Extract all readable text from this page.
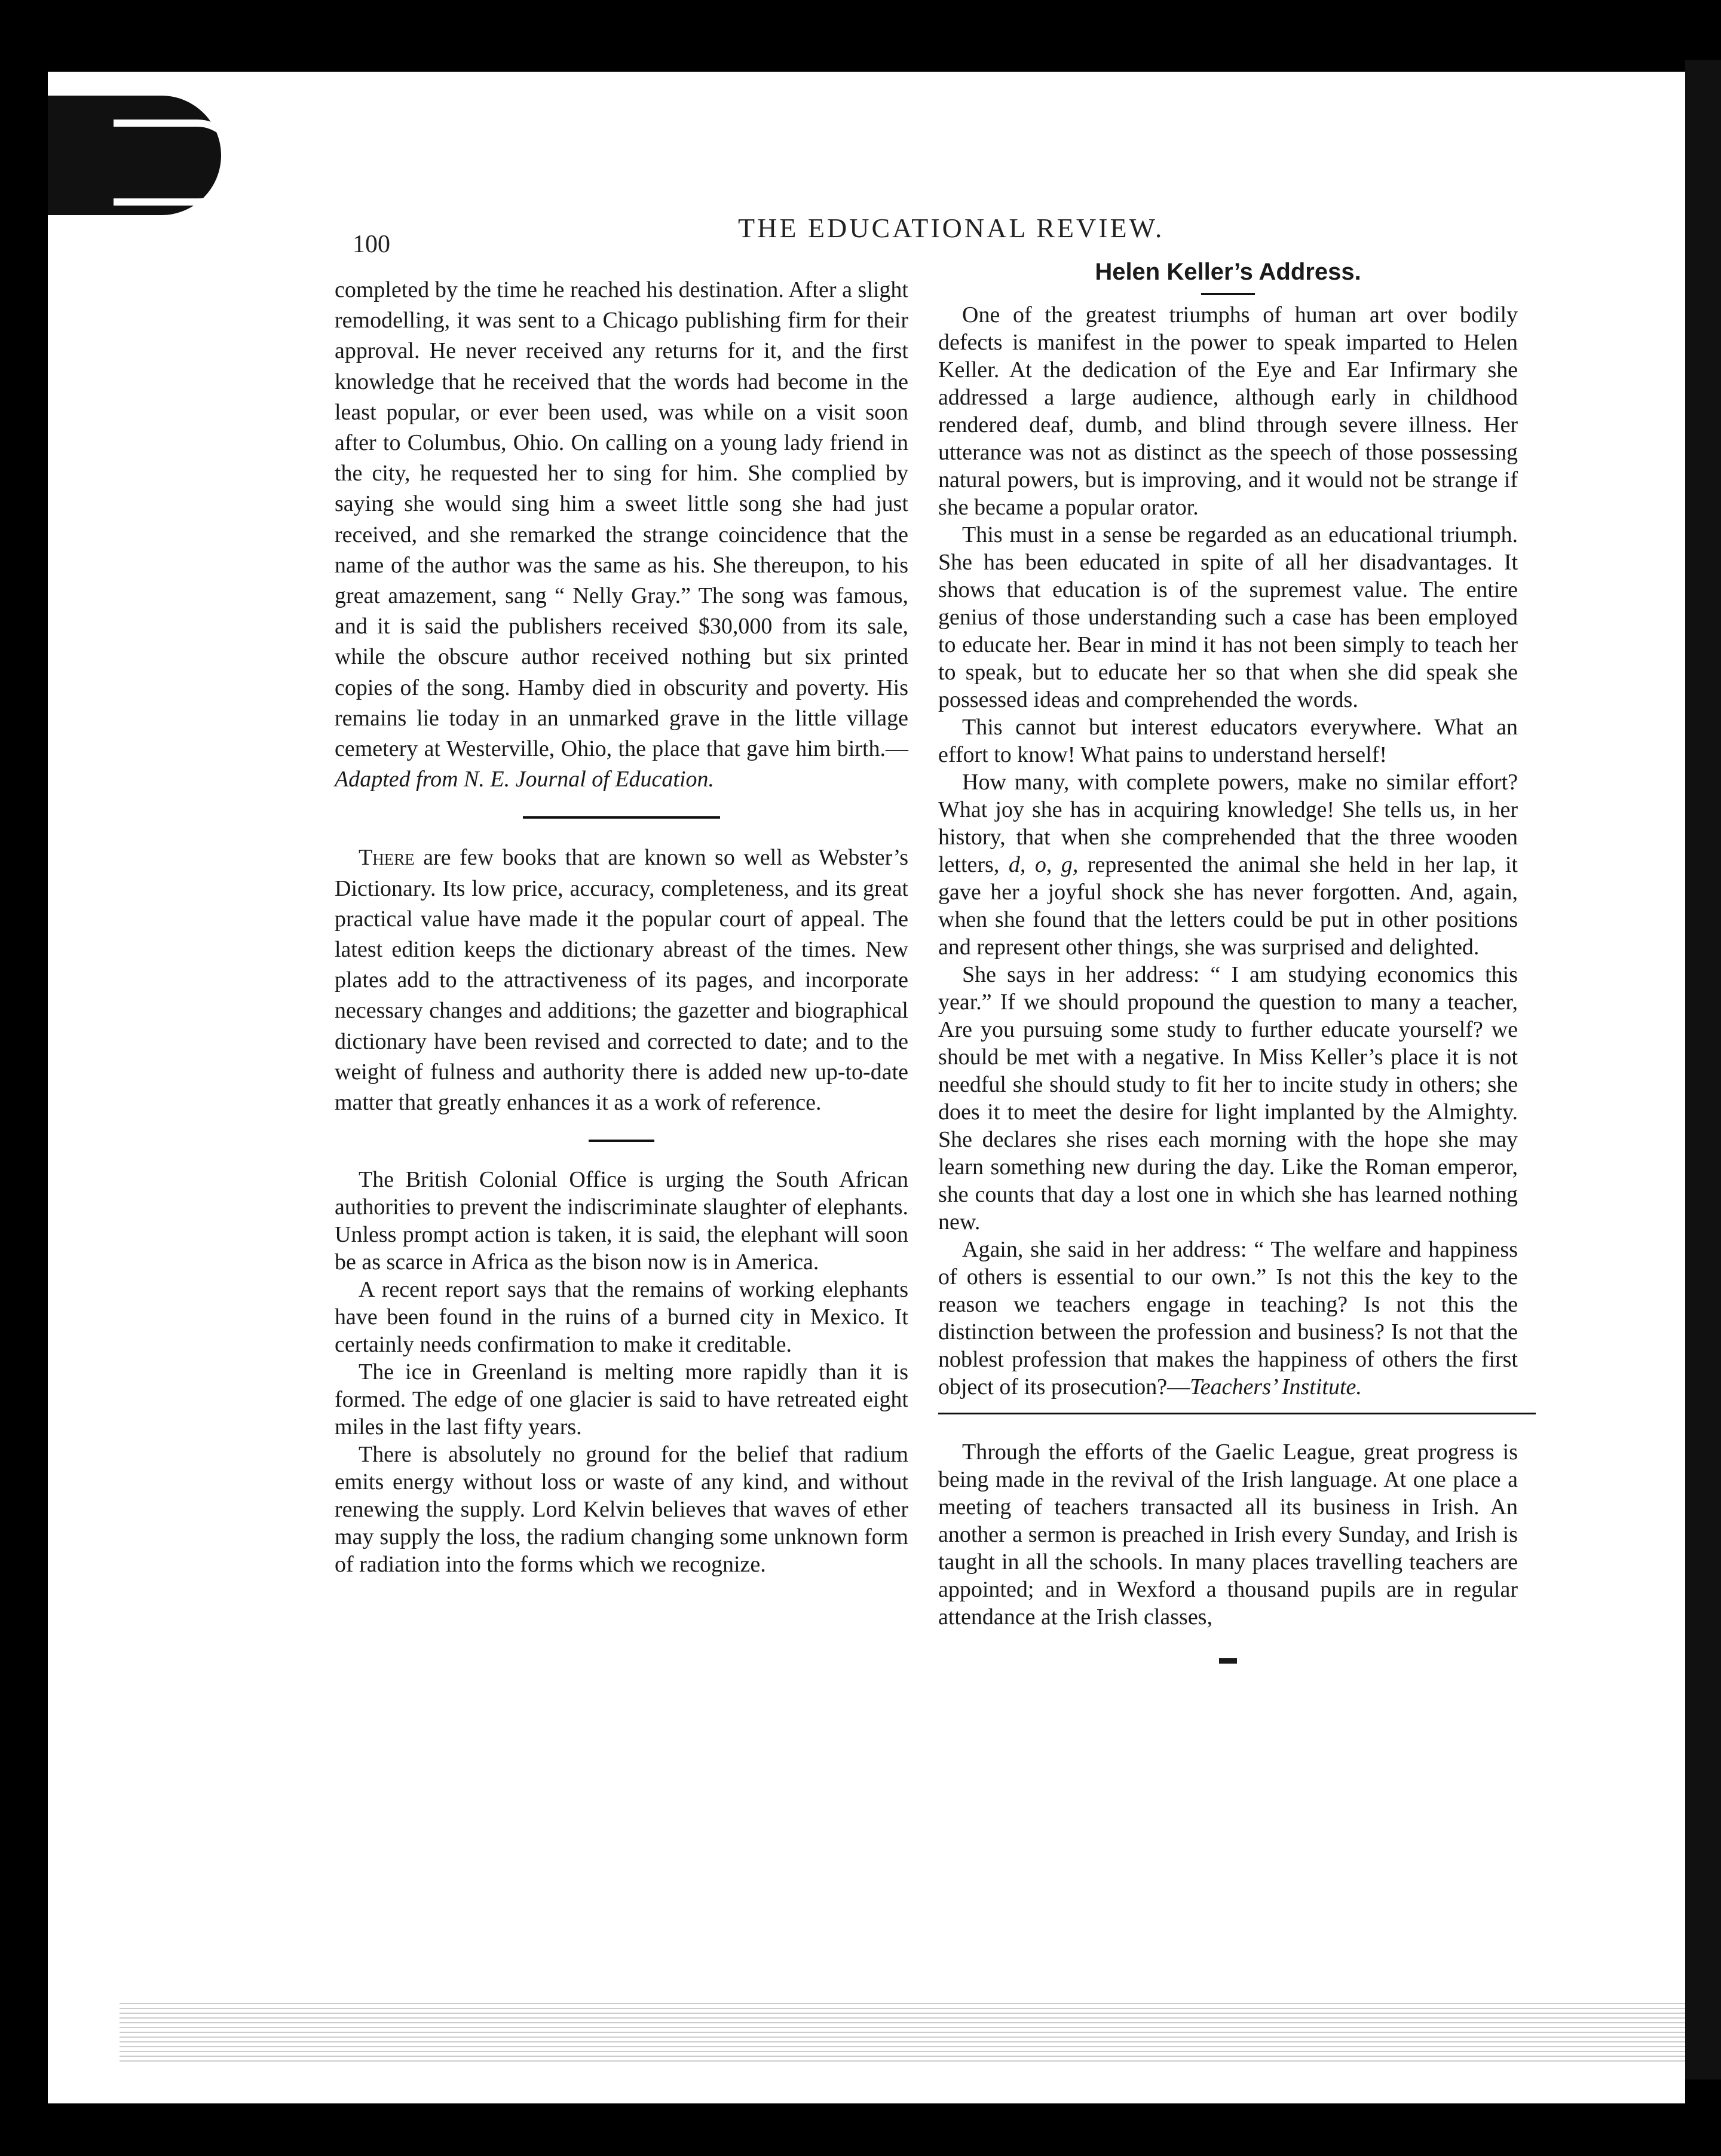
100
THE EDUCATIONAL REVIEW.

completed by the time he reached his destination. After a slight remodelling, it was sent to a Chicago publishing firm for their approval. He never received any returns for it, and the first knowledge that he received that the words had become in the least popular, or ever been used, was while on a visit soon after to Columbus, Ohio. On calling on a young lady friend in the city, he requested her to sing for him. She complied by saying she would sing him a sweet little song she had just received, and she remarked the strange coincidence that the name of the author was the same as his. She thereupon, to his great amazement, sang “ Nelly Gray.” The song was famous, and it is said the publishers received $30,000 from its sale, while the obscure author received nothing but six printed copies of the song. Hamby died in obscurity and poverty. His remains lie today in an unmarked grave in the little village cemetery at Westerville, Ohio, the place that gave him birth.—Adapted from N. E. Journal of Education.

There are few books that are known so well as Webster’s Dictionary. Its low price, accuracy, completeness, and its great practical value have made it the popular court of appeal. The latest edition keeps the dictionary abreast of the times. New plates add to the attractiveness of its pages, and incorporate necessary changes and additions; the gazetter and biographical dictionary have been revised and corrected to date; and to the weight of fulness and authority there is added new up-to-date matter that greatly enhances it as a work of reference.

The British Colonial Office is urging the South African authorities to prevent the indiscriminate slaughter of elephants. Unless prompt action is taken, it is said, the elephant will soon be as scarce in Africa as the bison now is in America.

A recent report says that the remains of working elephants have been found in the ruins of a burned city in Mexico. It certainly needs confirmation to make it creditable.

The ice in Greenland is melting more rapidly than it is formed. The edge of one glacier is said to have retreated eight miles in the last fifty years.

There is absolutely no ground for the belief that radium emits energy without loss or waste of any kind, and without renewing the supply. Lord Kelvin believes that waves of ether may supply the loss, the radium changing some unknown form of radiation into the forms which we recognize.

Helen Keller’s Address.

One of the greatest triumphs of human art over bodily defects is manifest in the power to speak imparted to Helen Keller. At the dedication of the Eye and Ear Infirmary she addressed a large audience, although early in childhood rendered deaf, dumb, and blind through severe illness. Her utterance was not as distinct as the speech of those possessing natural powers, but is improving, and it would not be strange if she became a popular orator.

This must in a sense be regarded as an educational triumph. She has been educated in spite of all her disadvantages. It shows that education is of the supremest value. The entire genius of those understanding such a case has been employed to educate her. Bear in mind it has not been simply to teach her to speak, but to educate her so that when she did speak she possessed ideas and comprehended the words.

This cannot but interest educators everywhere. What an effort to know! What pains to understand herself!

How many, with complete powers, make no similar effort? What joy she has in acquiring knowledge! She tells us, in her history, that when she comprehended that the three wooden letters, d, o, g, represented the animal she held in her lap, it gave her a joyful shock she has never forgotten. And, again, when she found that the letters could be put in other positions and represent other things, she was surprised and delighted.

She says in her address: “ I am studying economics this year.” If we should propound the question to many a teacher, Are you pursuing some study to further educate yourself? we should be met with a negative. In Miss Keller’s place it is not needful she should study to fit her to incite study in others; she does it to meet the desire for light implanted by the Almighty. She declares she rises each morning with the hope she may learn something new during the day. Like the Roman emperor, she counts that day a lost one in which she has learned nothing new.

Again, she said in her address: “ The welfare and happiness of others is essential to our own.” Is not this the key to the reason we teachers engage in teaching? Is not this the distinction between the profession and business? Is not that the noblest profession that makes the happiness of others the first object of its prosecution?—Teachers’ Institute.

Through the efforts of the Gaelic League, great progress is being made in the revival of the Irish language. At one place a meeting of teachers transacted all its business in Irish. An another a sermon is preached in Irish every Sunday, and Irish is taught in all the schools. In many places travelling teachers are appointed; and in Wexford a thousand pupils are in regular attendance at the Irish classes,

▬
